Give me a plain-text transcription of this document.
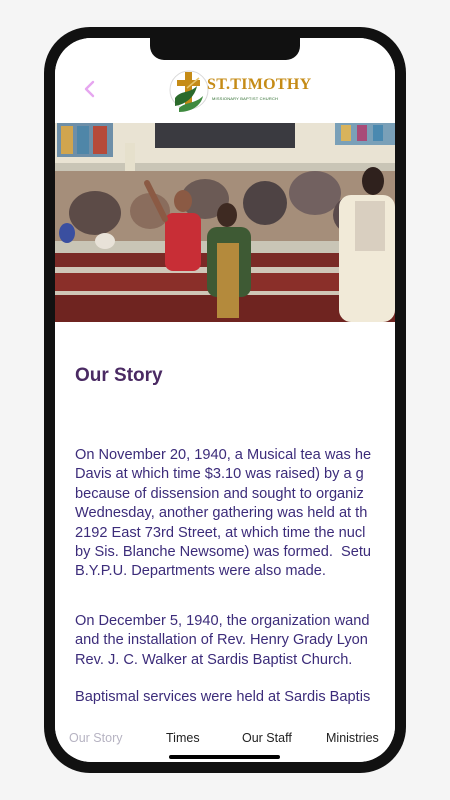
ST.TIMOTHY
MISSIONARY BAPTIST CHURCH
Our Story

On November 20, 1940, a Musical tea was he
Davis at which time $3.10 was raised) by a g
because of dissension and sought to organiz
Wednesday, another gathering was held at th
2192 East 73rd Street, at which time the nucl
by Sis. Blanche Newsome) was formed.  Setu
B.Y.P.U. Departments were also made.

On December 5, 1940, the organization wand
and the installation of Rev. Henry Grady Lyon
Rev. J. C. Walker at Sardis Baptist Church.

Baptismal services were held at Sardis Baptis

Our Story	Times	Our Staff	Ministries
